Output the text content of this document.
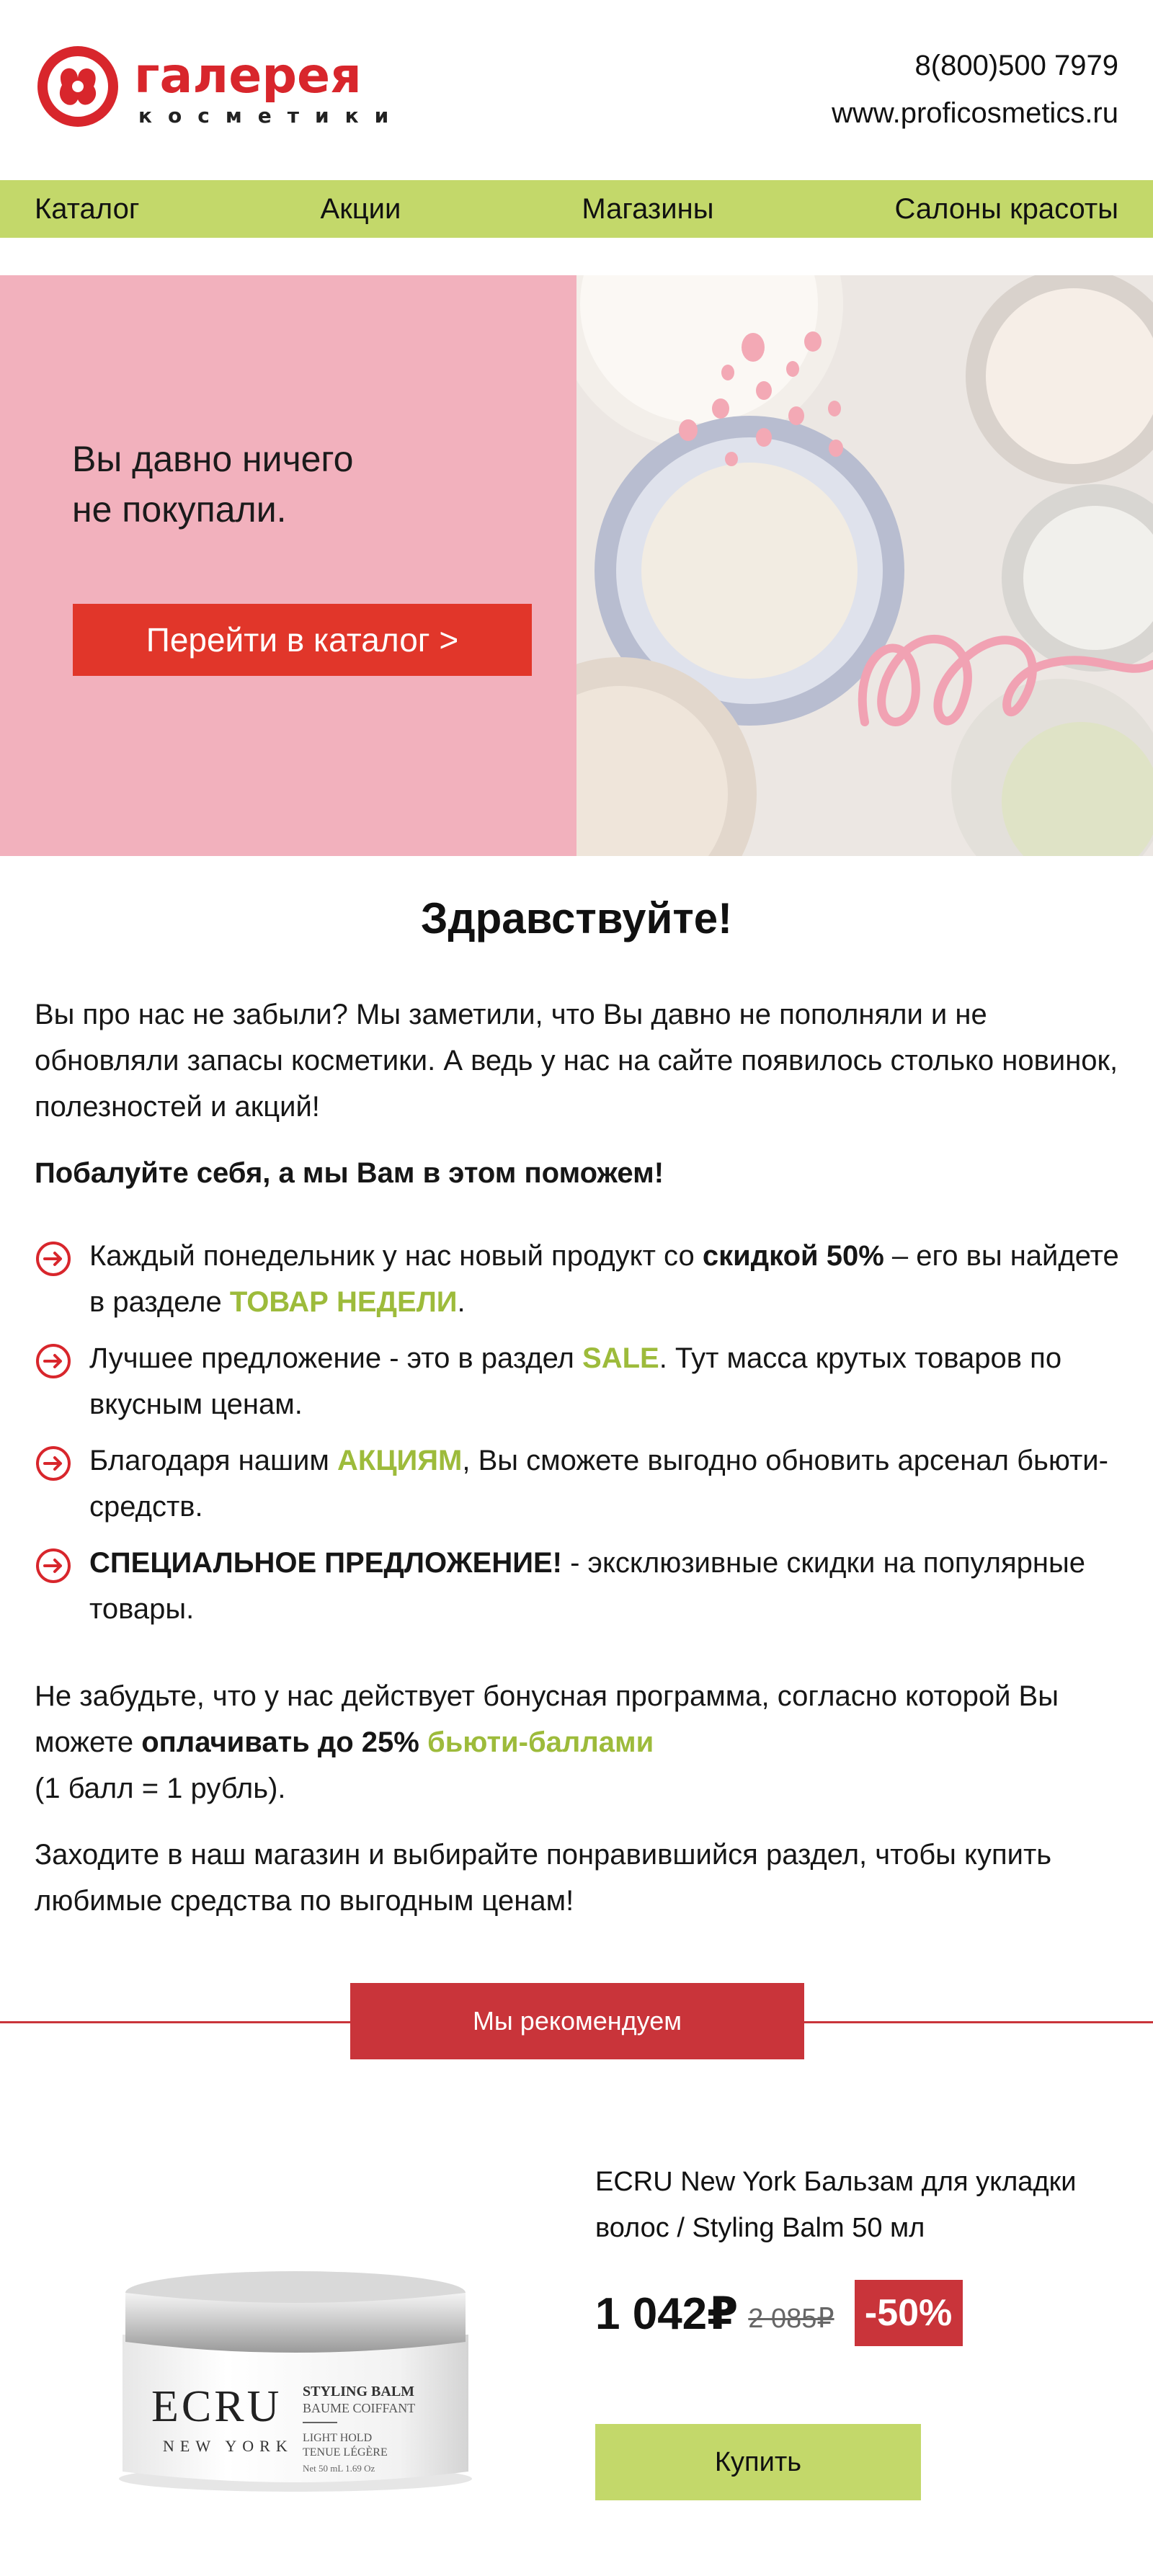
галерея
косметики
8(800)500 7979
www.proficosmetics.ru
Каталог	Акции	Магазины	Салоны красоты
Вы давно ничего
не покупали.
Перейти в каталог >
Здравствуйте!
Вы про нас не забыли? Мы заметили, что Вы давно не пополняли и не обновляли запасы косметики. А ведь у нас на сайте появилось столько новинок, полезностей и акций!
Побалуйте себя, а мы Вам в этом поможем!
Каждый понедельник у нас новый продукт со скидкой 50% – его вы найдете в разделе ТОВАР НЕДЕЛИ.
Лучшее предложение - это в раздел SALE. Тут масса крутых товаров по вкусным ценам.
Благодаря нашим АКЦИЯМ, Вы сможете выгодно обновить арсенал бьюти-средств.
СПЕЦИАЛЬНОЕ ПРЕДЛОЖЕНИЕ! - эксклюзивные скидки на популярные товары.
Не забудьте, что у нас действует бонусная программа, согласно которой Вы можете оплачивать до 25% бьюти-баллами
(1 балл = 1 рубль).
Заходите в наш магазин и выбирайте понравившийся раздел, чтобы купить любимые средства по выгодным ценам!
Мы рекомендуем
ECRU
NEW YORK
STYLING BALM
BAUME COIFFANT
LIGHT HOLD
TENUE LÉGÈRE
Net 50 mL 1.69 Oz
ECRU New York Бальзам для укладки волос / Styling Balm 50 мл
1 042₽ 2 085₽ -50%
Купить
